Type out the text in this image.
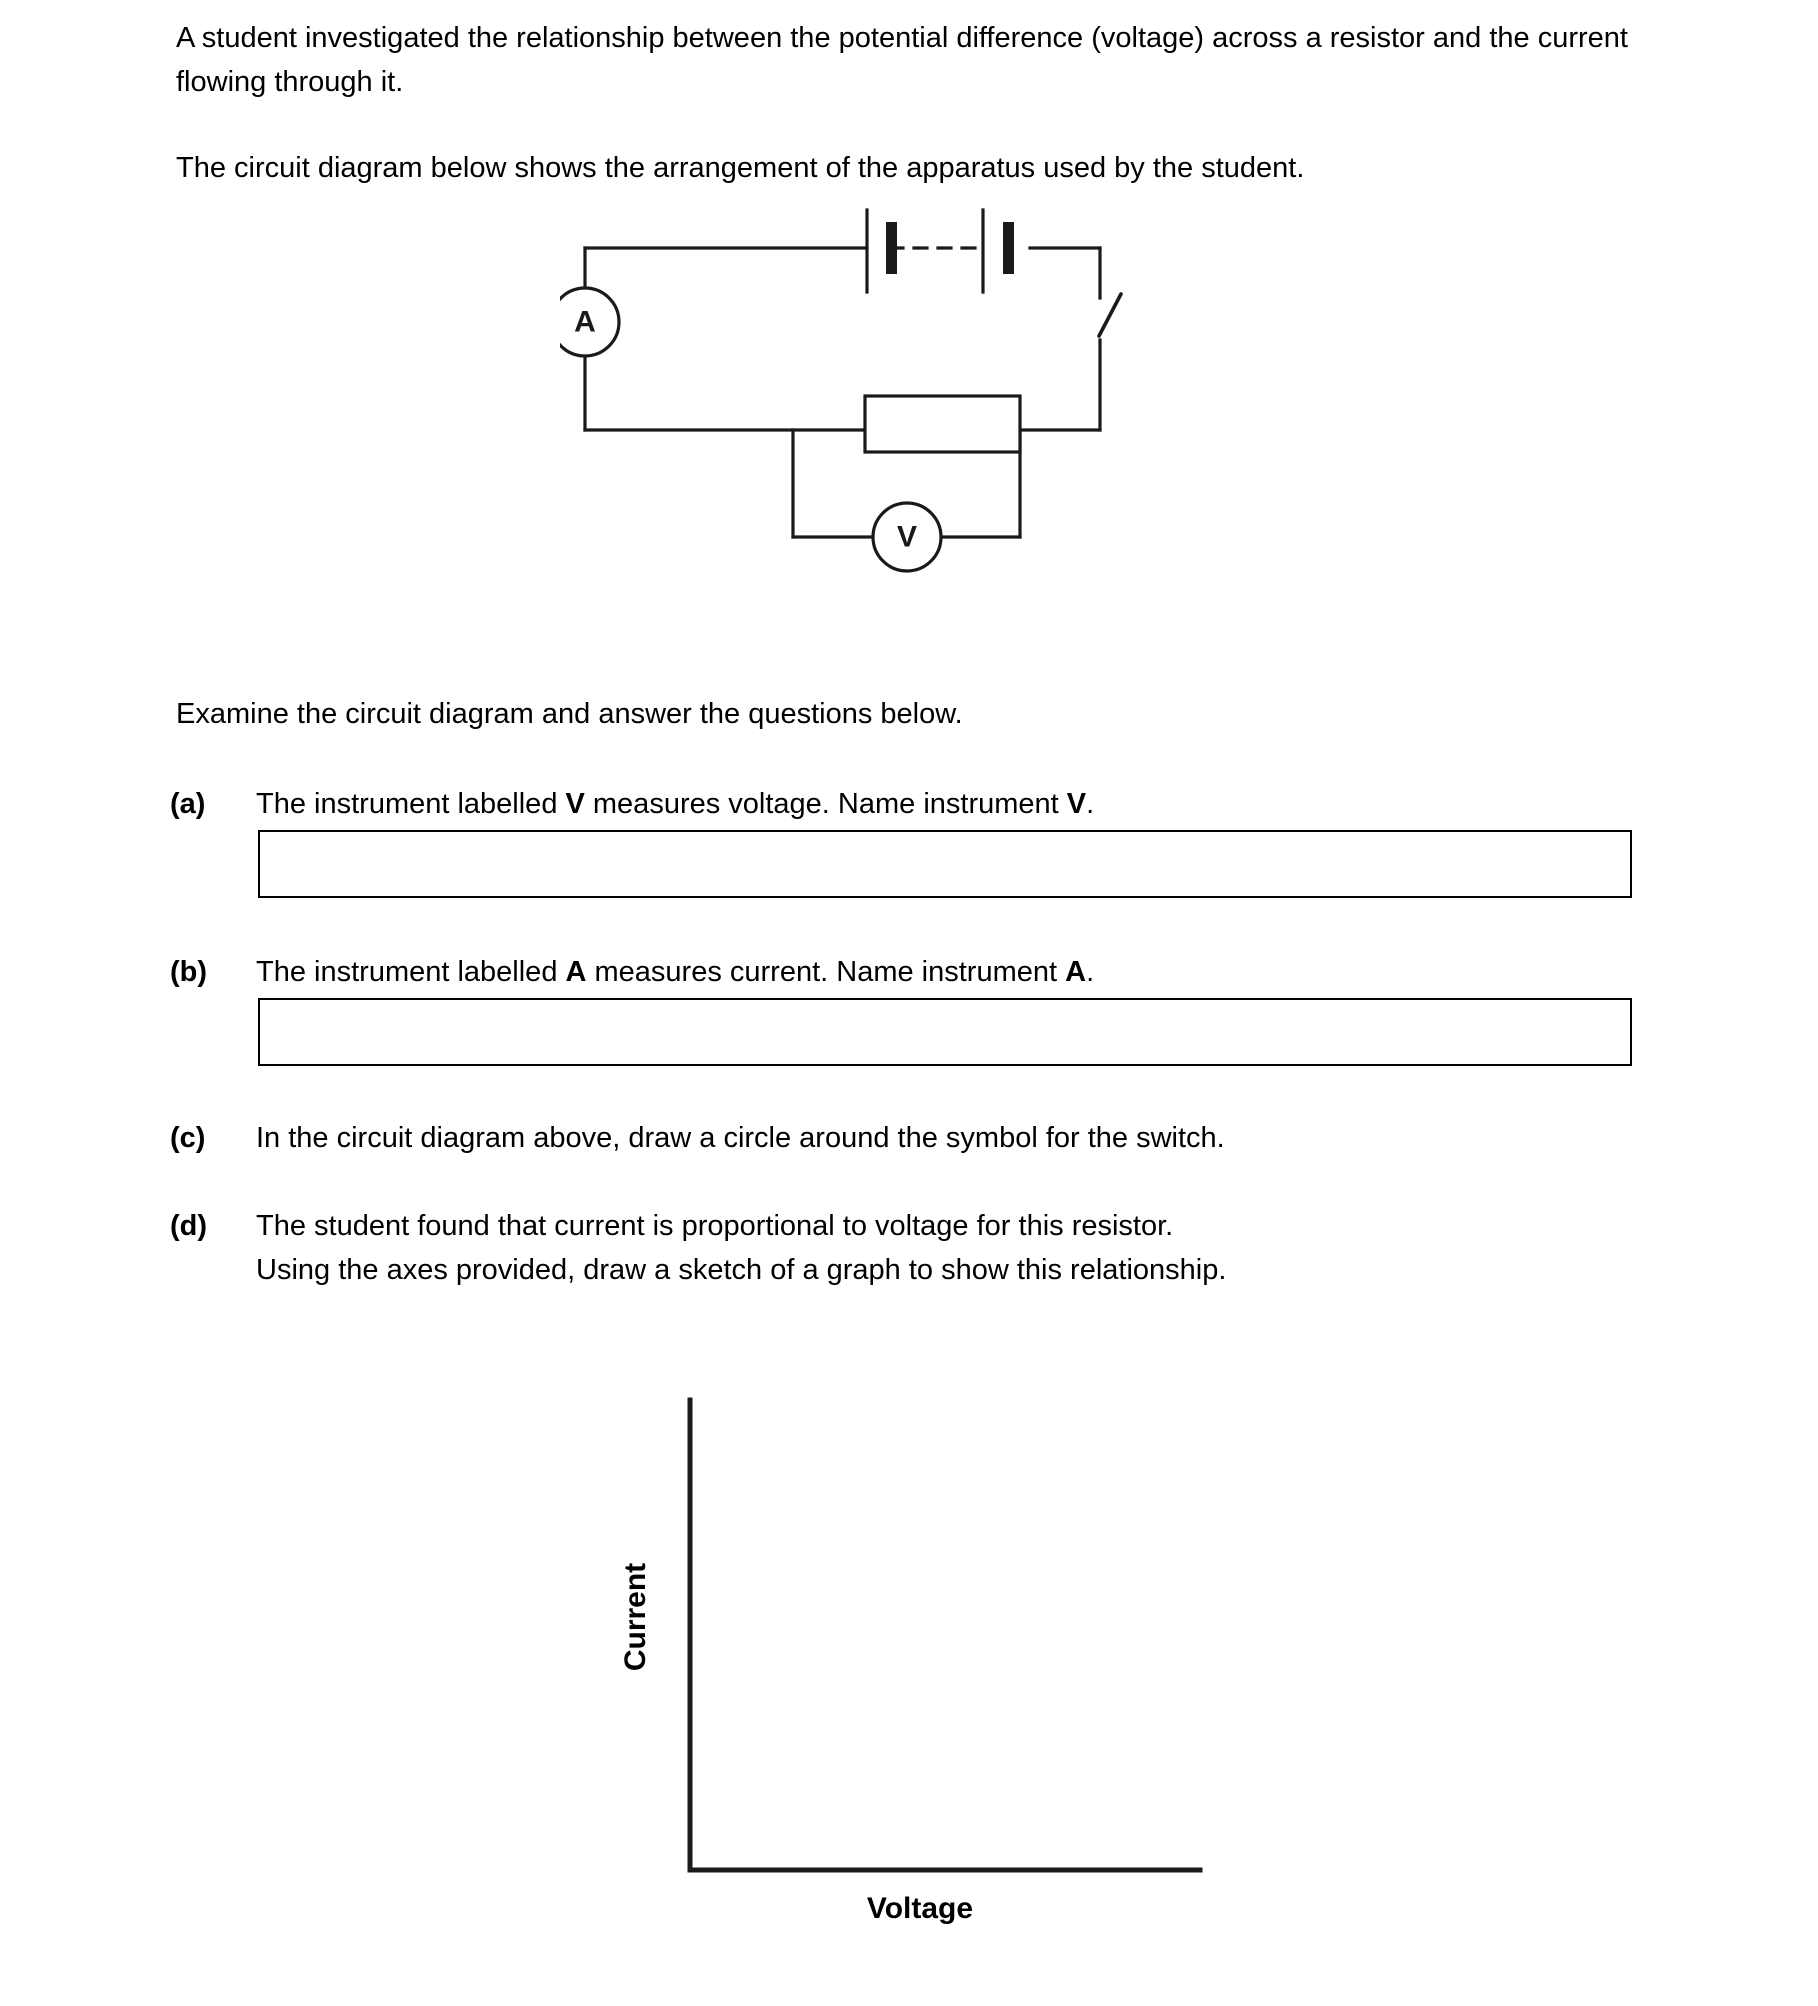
A student investigated the relationship between the potential difference (voltage) across a resistor and the current flowing through it.
The circuit diagram below shows the arrangement of the apparatus used by the student.
A
V
Examine the circuit diagram and answer the questions below.
(a)	The instrument labelled V measures voltage. Name instrument V.
(b)	The instrument labelled A measures current. Name instrument A.
(c)	In the circuit diagram above, draw a circle around the symbol for the switch.
(d)	The student found that current is proportional to voltage for this resistor.
Using the axes provided, draw a sketch of a graph to show this relationship.
Current
Voltage
